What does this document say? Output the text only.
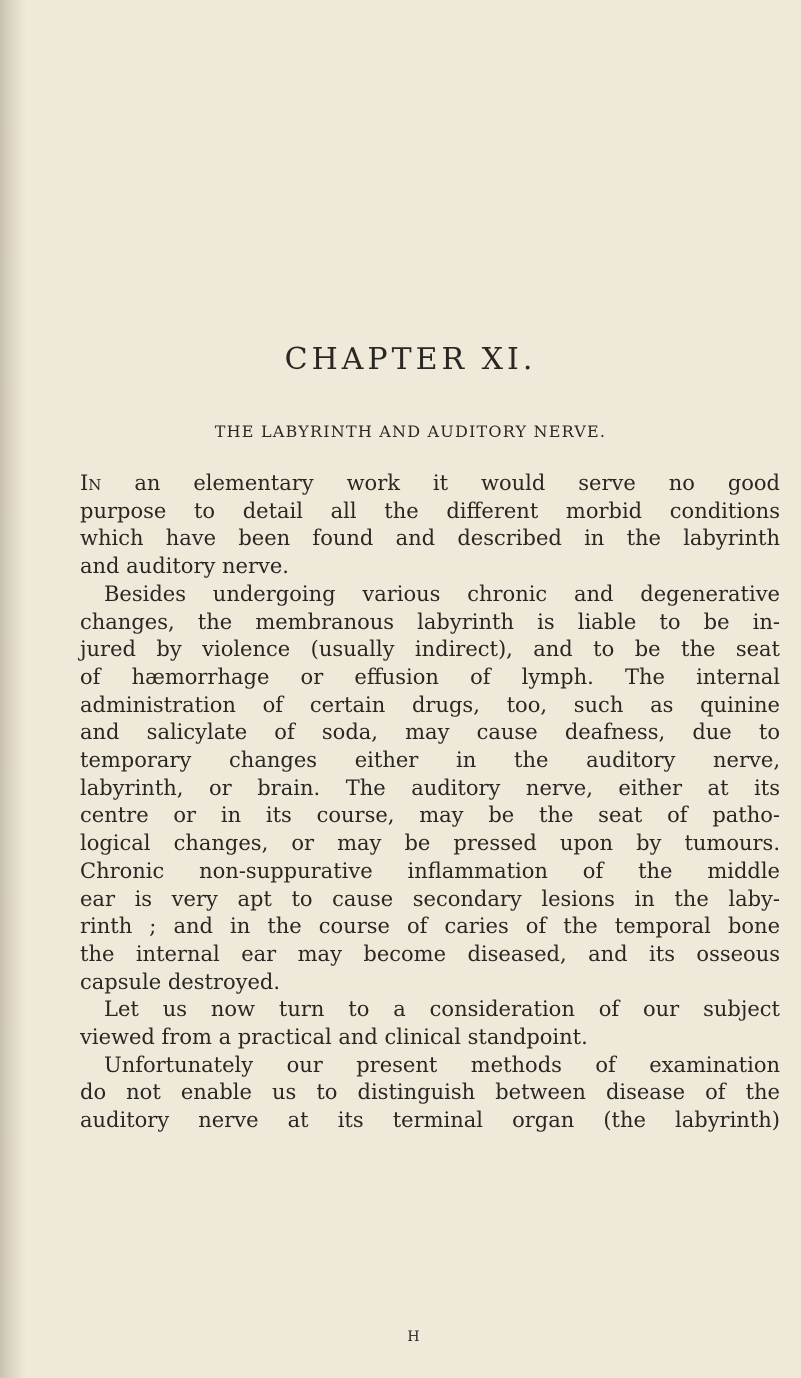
CHAPTER XI.
THE LABYRINTH AND AUDITORY NERVE.
In an elementary work it would serve no good
purpose to detail all the different morbid conditions
which have been found and described in the labyrinth
and auditory nerve.
Besides undergoing various chronic and degenerative
changes, the membranous labyrinth is liable to be in-
jured by violence (usually indirect), and to be the seat
of hæmorrhage or effusion of lymph. The internal
administration of certain drugs, too, such as quinine
and salicylate of soda, may cause deafness, due to
temporary changes either in the auditory nerve,
labyrinth, or brain. The auditory nerve, either at its
centre or in its course, may be the seat of patho-
logical changes, or may be pressed upon by tumours.
Chronic non-suppurative inflammation of the middle
ear is very apt to cause secondary lesions in the laby-
rinth ; and in the course of caries of the temporal bone
the internal ear may become diseased, and its osseous
capsule destroyed.
Let us now turn to a consideration of our subject
viewed from a practical and clinical standpoint.
Unfortunately our present methods of examination
do not enable us to distinguish between disease of the
auditory nerve at its terminal organ (the labyrinth)
H
